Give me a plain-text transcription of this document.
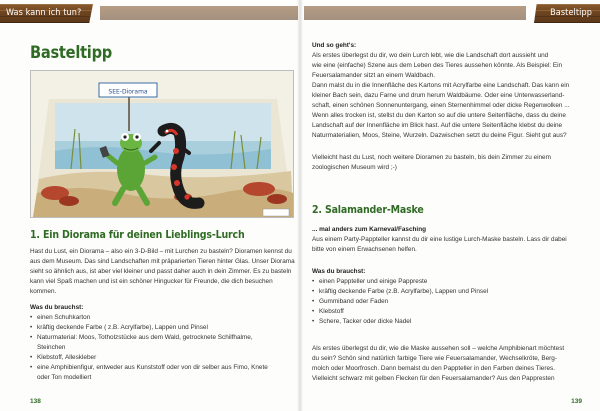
Was kann ich tun?
Basteltipp
SEE-Diorama
1. Ein Diorama für deinen Lieblings-Lurch

Hast du Lust, ein Diorama – also ein 3-D-Bild – mit Lurchen zu basteln? Dioramen kennst du

aus dem Museum. Das sind Landschaften mit präparierten Tieren hinter Glas. Unser Diorama

sieht so ähnlich aus, ist aber viel kleiner und passt daher auch in dein Zimmer. Es zu basteln

kann viel Spaß machen und ist ein schöner Hingucker für Freunde, die dich besuchen kommen.

Was du brauchst:

• einen Schuhkarton
• kräftig deckende Farbe ( z.B. Acrylfarbe), Lappen und Pinsel
• Naturmaterial: Moos, Totholzstücke aus dem Wald, getrocknete Schilfhalme,

Steinchen

• Klebstoff, Alleskleber
• eine Amphibienfigur, entweder aus Kunststoff oder von dir selber aus Fimo, Knete

oder Ton modelliert

138
Basteltipp

Und so geht's:

Als erstes überlegst du dir, wo dein Lurch lebt, wie die Landschaft dort aussieht und

wie eine (einfache) Szene aus dem Leben des Tieres aussehen könnte. Als Beispiel: Ein

Feuersalamander sitzt an einem Waldbach.

Dann malst du in die Innenfläche des Kartons mit Acrylfarbe eine Landschaft. Das kann ein

kleiner Bach sein, dazu Farne und drum herum Waldbäume. Oder eine Unterwasserland-

schaft, einen schönen Sonnenuntergang, einen Sternenhimmel oder dicke Regenwolken ...

Wenn alles trocken ist, stellst du den Karton so auf die untere Seitenfläche, dass du deine

Landschaft auf der Innenfläche im Blick hast. Auf die untere Seitenfläche klebst du deine

Naturmaterialien, Moos, Steine, Wurzeln. Dazwischen setzt du deine Figur. Sieht gut aus?

Vielleicht hast du Lust, noch weitere Dioramen zu basteln, bis dein Zimmer zu einem

zoologischen Museum wird ;-)

2. Salamander-Maske

... mal anders zum Karneval/Fasching

Aus einem Party-Pappteller kannst du dir eine lustige Lurch-Maske basteln. Lass dir dabei

bitte von einem Erwachsenen helfen.

Was du brauchst:

• einen Pappteller und einige Pappreste
• kräftig deckende Farbe (z.B. Acrylfarbe), Lappen und Pinsel
• Gummiband oder Faden
• Klebstoff
• Schere, Tacker oder dicke Nadel

Als erstes überlegst du dir, wie die Maske aussehen soll – welche Amphibienart möchtest

du sein? Schön sind natürlich farbige Tiere wie Feuersalamander, Wechselkröte, Berg-

molch oder Moorfrosch. Dann bemalst du den Pappteller in den Farben deines Tieres.

Vielleicht schwarz mit gelben Flecken für den Feuersalamander? Aus den Pappresten

139
